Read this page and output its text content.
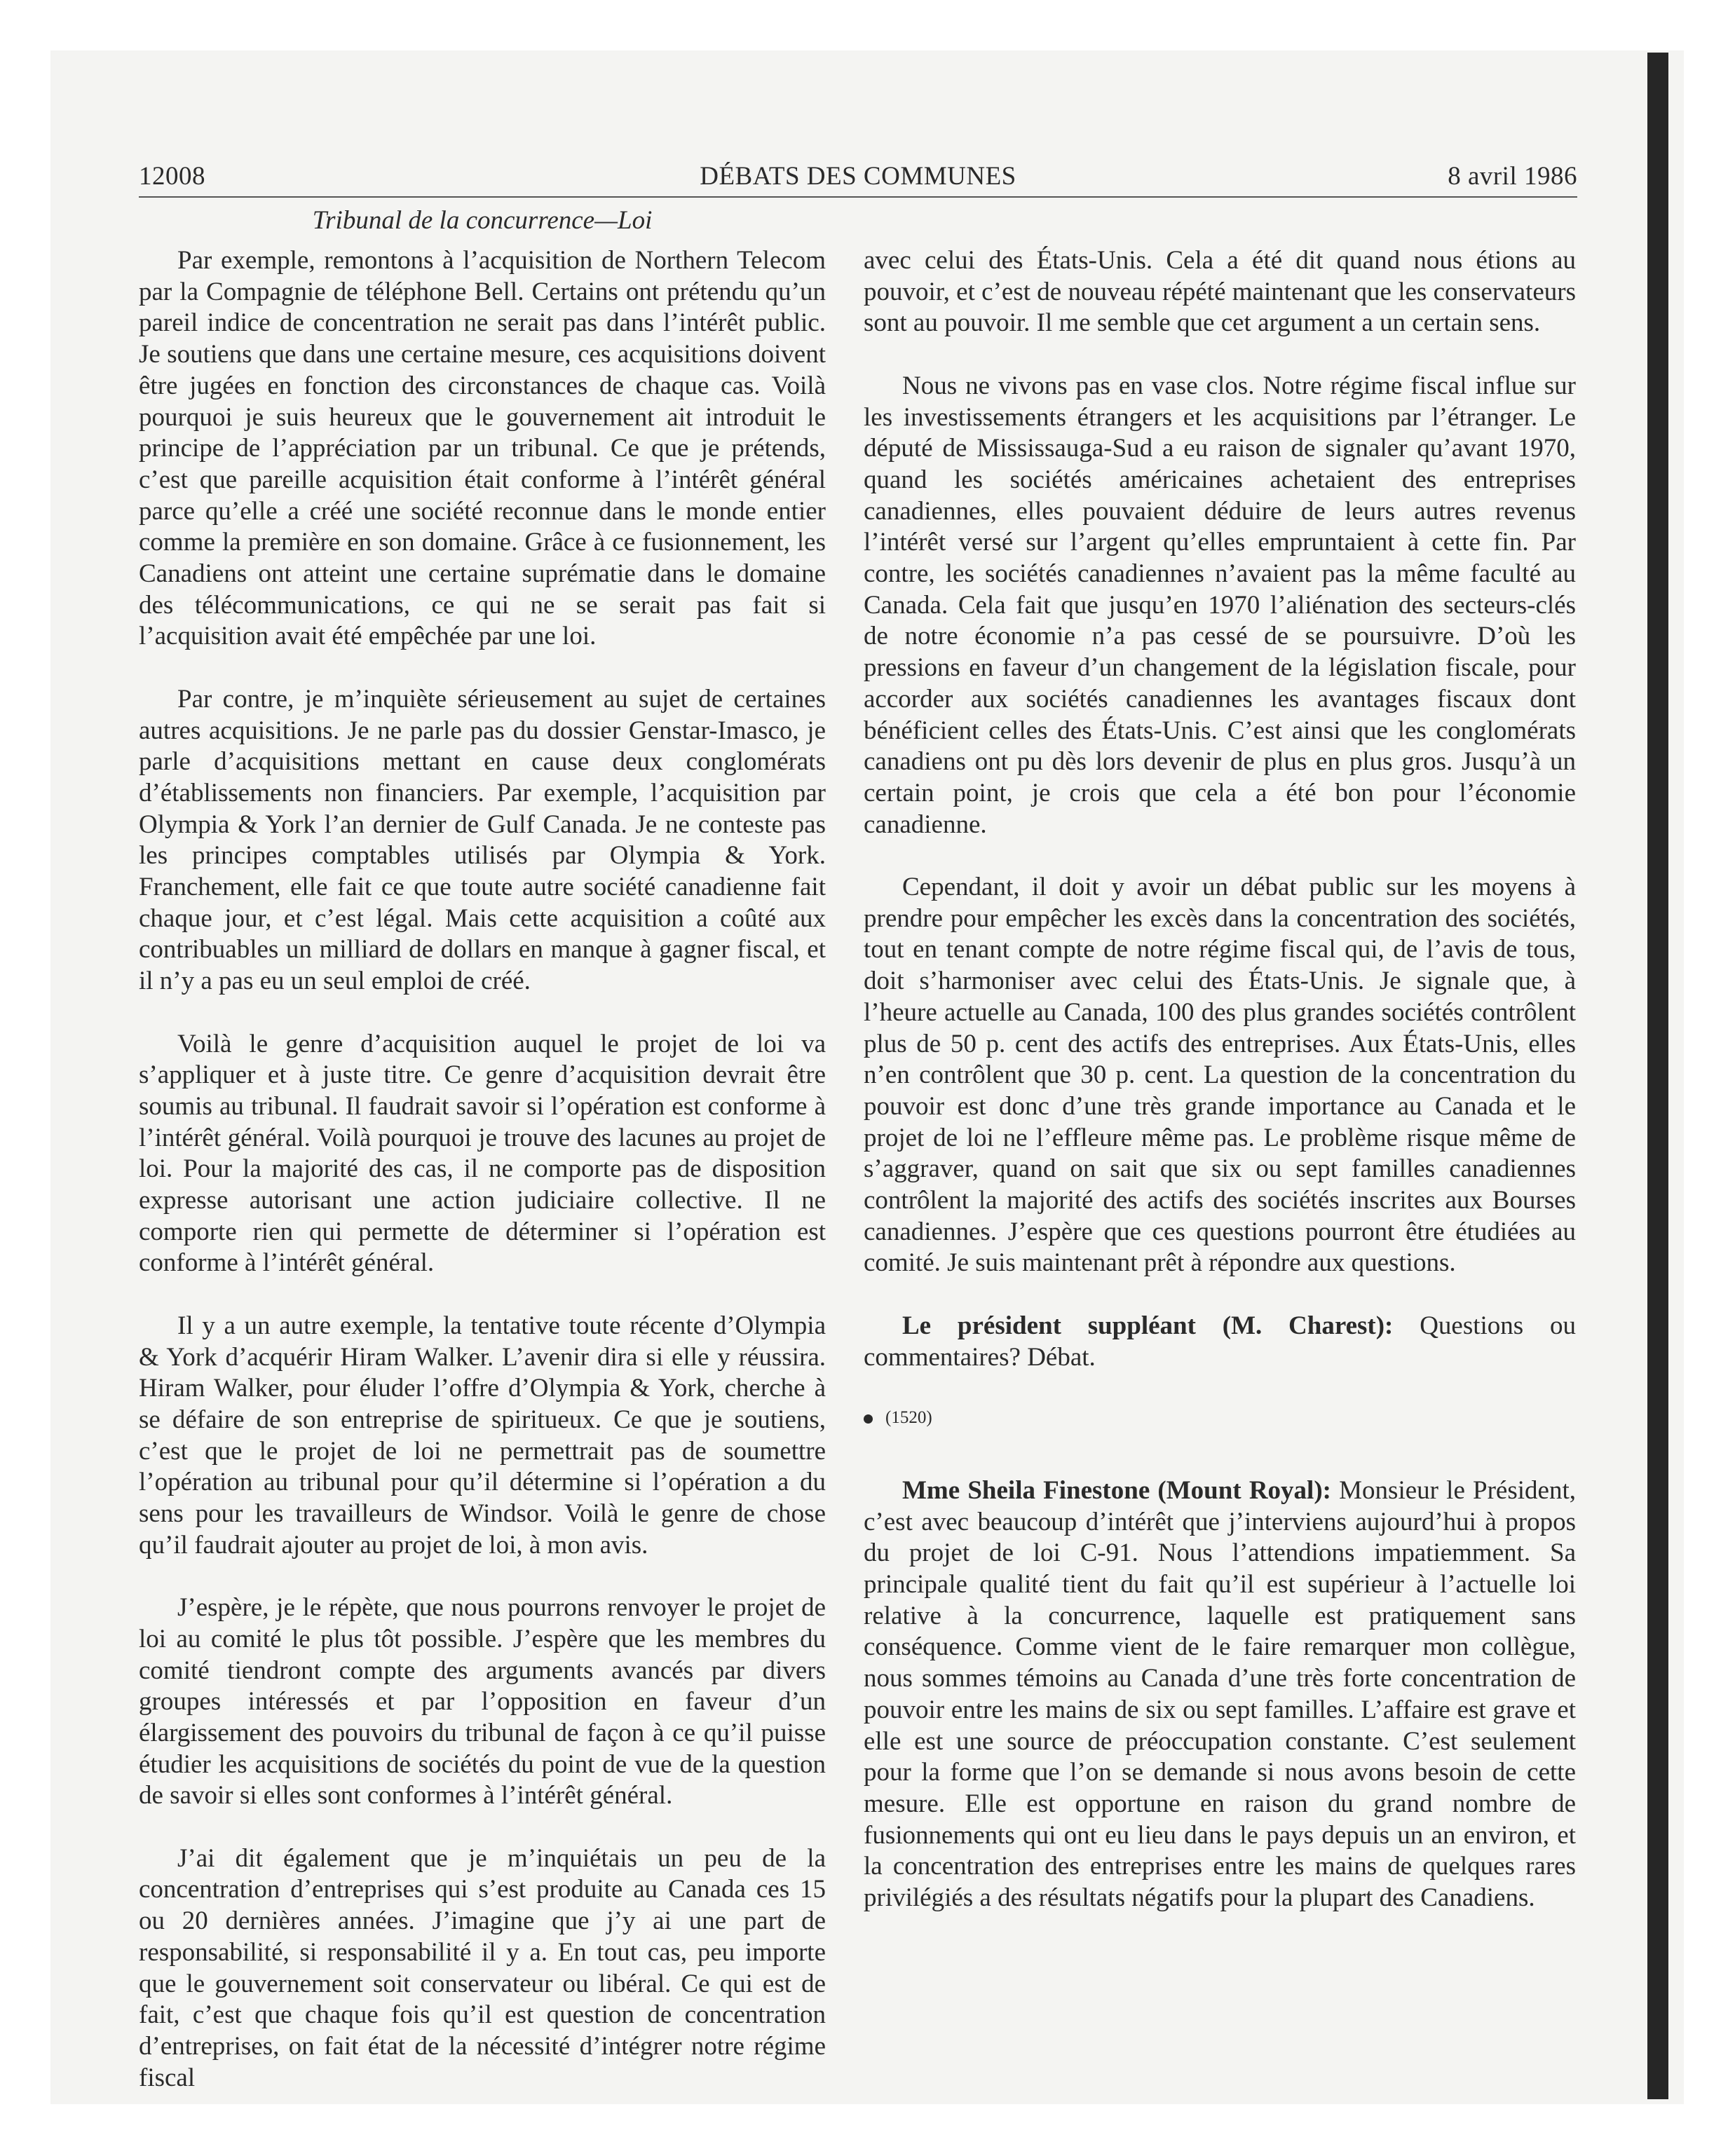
12008	DÉBATS DES COMMUNES	8 avril 1986
Tribunal de la concurrence—Loi

Par exemple, remontons à l’acquisition de Northern Telecom par la Compagnie de téléphone Bell. Certains ont prétendu qu’un pareil indice de concentration ne serait pas dans l’intérêt public. Je soutiens que dans une certaine mesure, ces acquisitions doivent être jugées en fonction des circonstances de chaque cas. Voilà pourquoi je suis heureux que le gouvernement ait introduit le principe de l’appréciation par un tribunal. Ce que je prétends, c’est que pareille acquisition était conforme à l’intérêt général parce qu’elle a créé une société reconnue dans le monde entier comme la première en son domaine. Grâce à ce fusionnement, les Canadiens ont atteint une certaine suprématie dans le domaine des télécommunications, ce qui ne se serait pas fait si l’acquisition avait été empêchée par une loi.

Par contre, je m’inquiète sérieusement au sujet de certaines autres acquisitions. Je ne parle pas du dossier Genstar-Imasco, je parle d’acquisitions mettant en cause deux conglomérats d’établissements non financiers. Par exemple, l’acquisition par Olympia & York l’an dernier de Gulf Canada. Je ne conteste pas les principes comptables utilisés par Olympia & York. Franchement, elle fait ce que toute autre société canadienne fait chaque jour, et c’est légal. Mais cette acquisition a coûté aux contribuables un milliard de dollars en manque à gagner fiscal, et il n’y a pas eu un seul emploi de créé.

Voilà le genre d’acquisition auquel le projet de loi va s’appliquer et à juste titre. Ce genre d’acquisition devrait être soumis au tribunal. Il faudrait savoir si l’opération est conforme à l’intérêt général. Voilà pourquoi je trouve des lacunes au projet de loi. Pour la majorité des cas, il ne comporte pas de disposition expresse autorisant une action judiciaire collective. Il ne comporte rien qui permette de déterminer si l’opération est conforme à l’intérêt général.

Il y a un autre exemple, la tentative toute récente d’Olympia & York d’acquérir Hiram Walker. L’avenir dira si elle y réussira. Hiram Walker, pour éluder l’offre d’Olympia & York, cherche à se défaire de son entreprise de spiritueux. Ce que je soutiens, c’est que le projet de loi ne permettrait pas de soumettre l’opération au tribunal pour qu’il détermine si l’opération a du sens pour les travailleurs de Windsor. Voilà le genre de chose qu’il faudrait ajouter au projet de loi, à mon avis.

J’espère, je le répète, que nous pourrons renvoyer le projet de loi au comité le plus tôt possible. J’espère que les membres du comité tiendront compte des arguments avancés par divers groupes intéressés et par l’opposition en faveur d’un élargissement des pouvoirs du tribunal de façon à ce qu’il puisse étudier les acquisitions de sociétés du point de vue de la question de savoir si elles sont conformes à l’intérêt général.

J’ai dit également que je m’inquiétais un peu de la concentration d’entreprises qui s’est produite au Canada ces 15 ou 20 dernières années. J’imagine que j’y ai une part de responsabilité, si responsabilité il y a. En tout cas, peu importe que le gouvernement soit conservateur ou libéral. Ce qui est de fait, c’est que chaque fois qu’il est question de concentration d’entreprises, on fait état de la nécessité d’intégrer notre régime fiscal

avec celui des États-Unis. Cela a été dit quand nous étions au pouvoir, et c’est de nouveau répété maintenant que les conservateurs sont au pouvoir. Il me semble que cet argument a un certain sens.

Nous ne vivons pas en vase clos. Notre régime fiscal influe sur les investissements étrangers et les acquisitions par l’étranger. Le député de Mississauga-Sud a eu raison de signaler qu’avant 1970, quand les sociétés américaines achetaient des entreprises canadiennes, elles pouvaient déduire de leurs autres revenus l’intérêt versé sur l’argent qu’elles empruntaient à cette fin. Par contre, les sociétés canadiennes n’avaient pas la même faculté au Canada. Cela fait que jusqu’en 1970 l’aliénation des secteurs-clés de notre économie n’a pas cessé de se poursuivre. D’où les pressions en faveur d’un changement de la législation fiscale, pour accorder aux sociétés canadiennes les avantages fiscaux dont bénéficient celles des États-Unis. C’est ainsi que les conglomérats canadiens ont pu dès lors devenir de plus en plus gros. Jusqu’à un certain point, je crois que cela a été bon pour l’économie canadienne.

Cependant, il doit y avoir un débat public sur les moyens à prendre pour empêcher les excès dans la concentration des sociétés, tout en tenant compte de notre régime fiscal qui, de l’avis de tous, doit s’harmoniser avec celui des États-Unis. Je signale que, à l’heure actuelle au Canada, 100 des plus grandes sociétés contrôlent plus de 50 p. cent des actifs des entreprises. Aux États-Unis, elles n’en contrôlent que 30 p. cent. La question de la concentration du pouvoir est donc d’une très grande importance au Canada et le projet de loi ne l’effleure même pas. Le problème risque même de s’aggraver, quand on sait que six ou sept familles canadiennes contrôlent la majorité des actifs des sociétés inscrites aux Bourses canadiennes. J’espère que ces questions pourront être étudiées au comité. Je suis maintenant prêt à répondre aux questions.

Le président suppléant (M. Charest): Questions ou commentaires? Débat.

(1520)

Mme Sheila Finestone (Mount Royal): Monsieur le Président, c’est avec beaucoup d’intérêt que j’interviens aujourd’hui à propos du projet de loi C-91. Nous l’attendions impatiemment. Sa principale qualité tient du fait qu’il est supérieur à l’actuelle loi relative à la concurrence, laquelle est pratiquement sans conséquence. Comme vient de le faire remarquer mon collègue, nous sommes témoins au Canada d’une très forte concentration de pouvoir entre les mains de six ou sept familles. L’affaire est grave et elle est une source de préoccupation constante. C’est seulement pour la forme que l’on se demande si nous avons besoin de cette mesure. Elle est opportune en raison du grand nombre de fusionnements qui ont eu lieu dans le pays depuis un an environ, et la concentration des entreprises entre les mains de quelques rares privilégiés a des résultats négatifs pour la plupart des Canadiens.
